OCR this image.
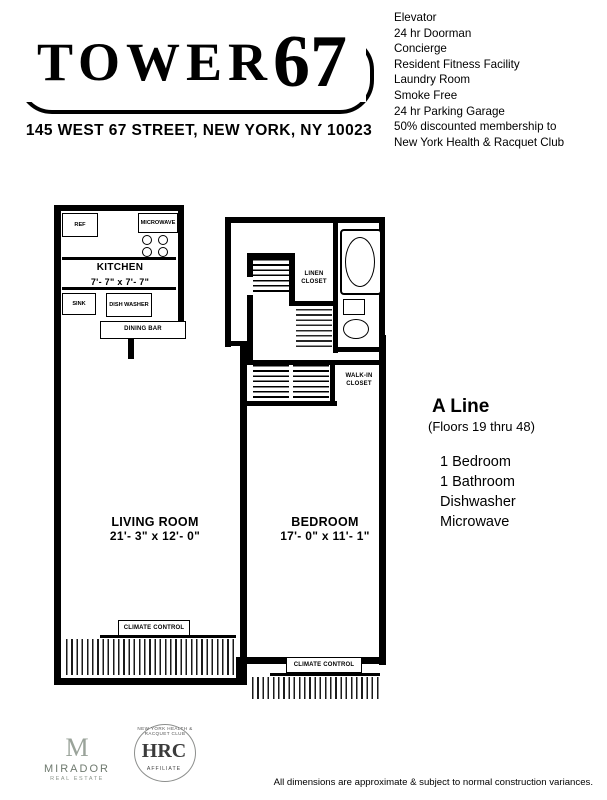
TOWER67
145 WEST 67 STREET, NEW YORK, NY 10023
Elevator
24 hr Doorman
Concierge
Resident Fitness Facility
Laundry Room
Smoke Free
24 hr Parking Garage
50% discounted membership to
New York Health & Racquet Club
A Line
(Floors 19 thru 48)
1 Bedroom
1 Bathroom
Dishwasher
Microwave
LINEN CLOSET
WALK-IN CLOSET
REF	MICROWAVE
KITCHEN
7'- 7" x 7'- 7"
SINK	DISH WASHER
DINING BAR
LIVING ROOM
21'- 3" x 12'- 0"
BEDROOM
17'- 0" x 11'- 1"
CLIMATE CONTROL
CLIMATE CONTROL
M
MIRADOR
REAL ESTATE
NEW YORK HEALTH & RACQUET CLUB
HRC
AFFILIATE
All dimensions are approximate & subject to normal construction variances.
